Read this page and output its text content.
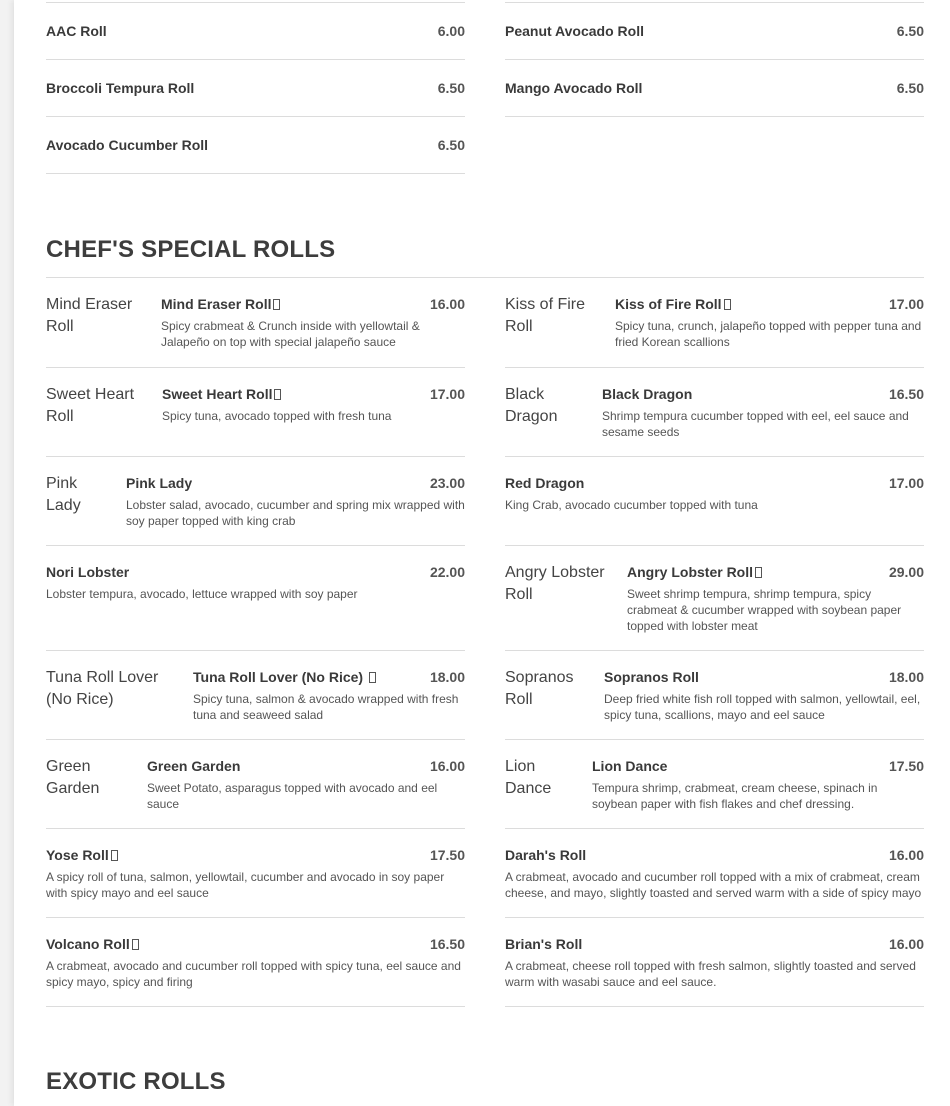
AAC Roll	6.00
Broccoli Tempura Roll	6.50
Avocado Cucumber Roll	6.50
Peanut Avocado Roll	6.50
Mango Avocado Roll	6.50
CHEF'S SPECIAL ROLLS
Mind Eraser Roll
Mind Eraser Roll	16.00
Spicy crabmeat & Crunch inside with yellowtail & Jalapeño on top with special jalapeño sauce
Sweet Heart Roll
Sweet Heart Roll	17.00
Spicy tuna, avocado topped with fresh tuna
Pink Lady
Pink Lady	23.00
Lobster salad, avocado, cucumber and spring mix wrapped with soy paper topped with king crab
Nori Lobster	22.00
Lobster tempura, avocado, lettuce wrapped with soy paper
Tuna Roll Lover (No Rice)
Tuna Roll Lover (No Rice)	18.00
Spicy tuna, salmon & avocado wrapped with fresh tuna and seaweed salad
Green Garden
Green Garden	16.00
Sweet Potato, asparagus topped with avocado and eel sauce
Yose Roll	17.50
A spicy roll of tuna, salmon, yellowtail, cucumber and avocado in soy paper with spicy mayo and eel sauce
Volcano Roll	16.50
A crabmeat, avocado and cucumber roll topped with spicy tuna, eel sauce and spicy mayo, spicy and firing
Kiss of Fire Roll
Kiss of Fire Roll	17.00
Spicy tuna, crunch, jalapeño topped with pepper tuna and fried Korean scallions
Black Dragon
Black Dragon	16.50
Shrimp tempura cucumber topped with eel, eel sauce and sesame seeds
Red Dragon	17.00
King Crab, avocado cucumber topped with tuna
Angry Lobster Roll
Angry Lobster Roll	29.00
Sweet shrimp tempura, shrimp tempura, spicy crabmeat & cucumber wrapped with soybean paper topped with lobster meat
Sopranos Roll
Sopranos Roll	18.00
Deep fried white fish roll topped with salmon, yellowtail, eel, spicy tuna, scallions, mayo and eel sauce
Lion Dance
Lion Dance	17.50
Tempura shrimp, crabmeat, cream cheese, spinach in soybean paper with fish flakes and chef dressing.
Darah's Roll	16.00
A crabmeat, avocado and cucumber roll topped with a mix of crabmeat, cream cheese, and mayo, slightly toasted and served warm with a side of spicy mayo
Brian's Roll	16.00
A crabmeat, cheese roll topped with fresh salmon, slightly toasted and served warm with wasabi sauce and eel sauce.
EXOTIC ROLLS
